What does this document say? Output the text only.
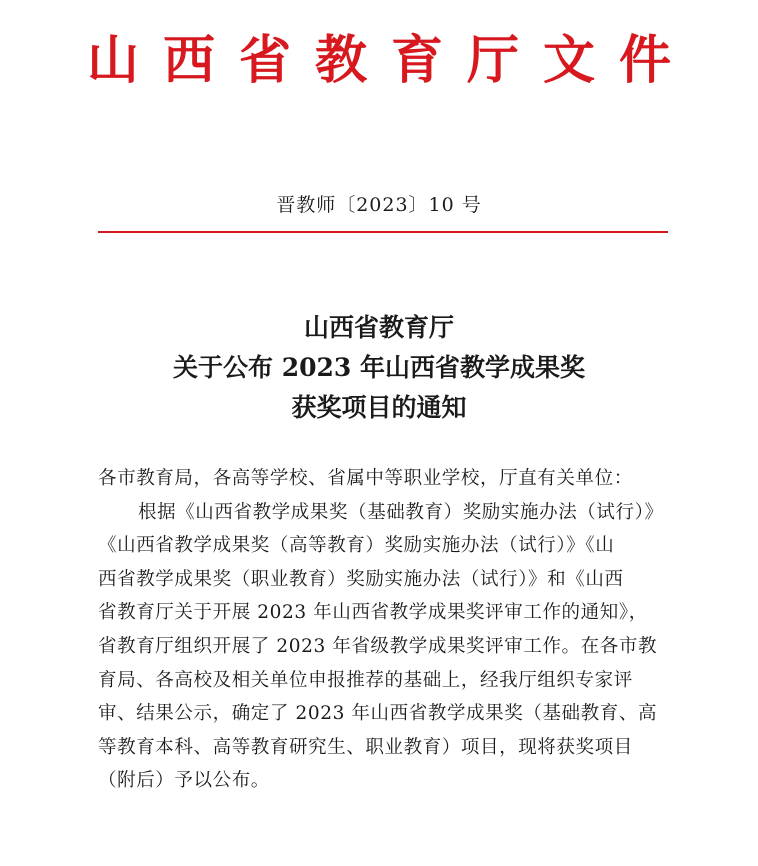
山西省教育厅文件
晋教师〔2023〕10 号
山西省教育厅
关于公布 2023 年山西省教学成果奖
获奖项目的通知
各市教育局，各高等学校、省属中等职业学校，厅直有关单位：
根据《山西省教学成果奖（基础教育）奖励实施办法（试行）》
《山西省教学成果奖（高等教育）奖励实施办法（试行）》《山
西省教学成果奖（职业教育）奖励实施办法（试行）》和《山西
省教育厅关于开展 2023 年山西省教学成果奖评审工作的通知》，
省教育厅组织开展了 2023 年省级教学成果奖评审工作。在各市教
育局、各高校及相关单位申报推荐的基础上，经我厅组织专家评
审、结果公示，确定了 2023 年山西省教学成果奖（基础教育、高
等教育本科、高等教育研究生、职业教育）项目，现将获奖项目
（附后）予以公布。
